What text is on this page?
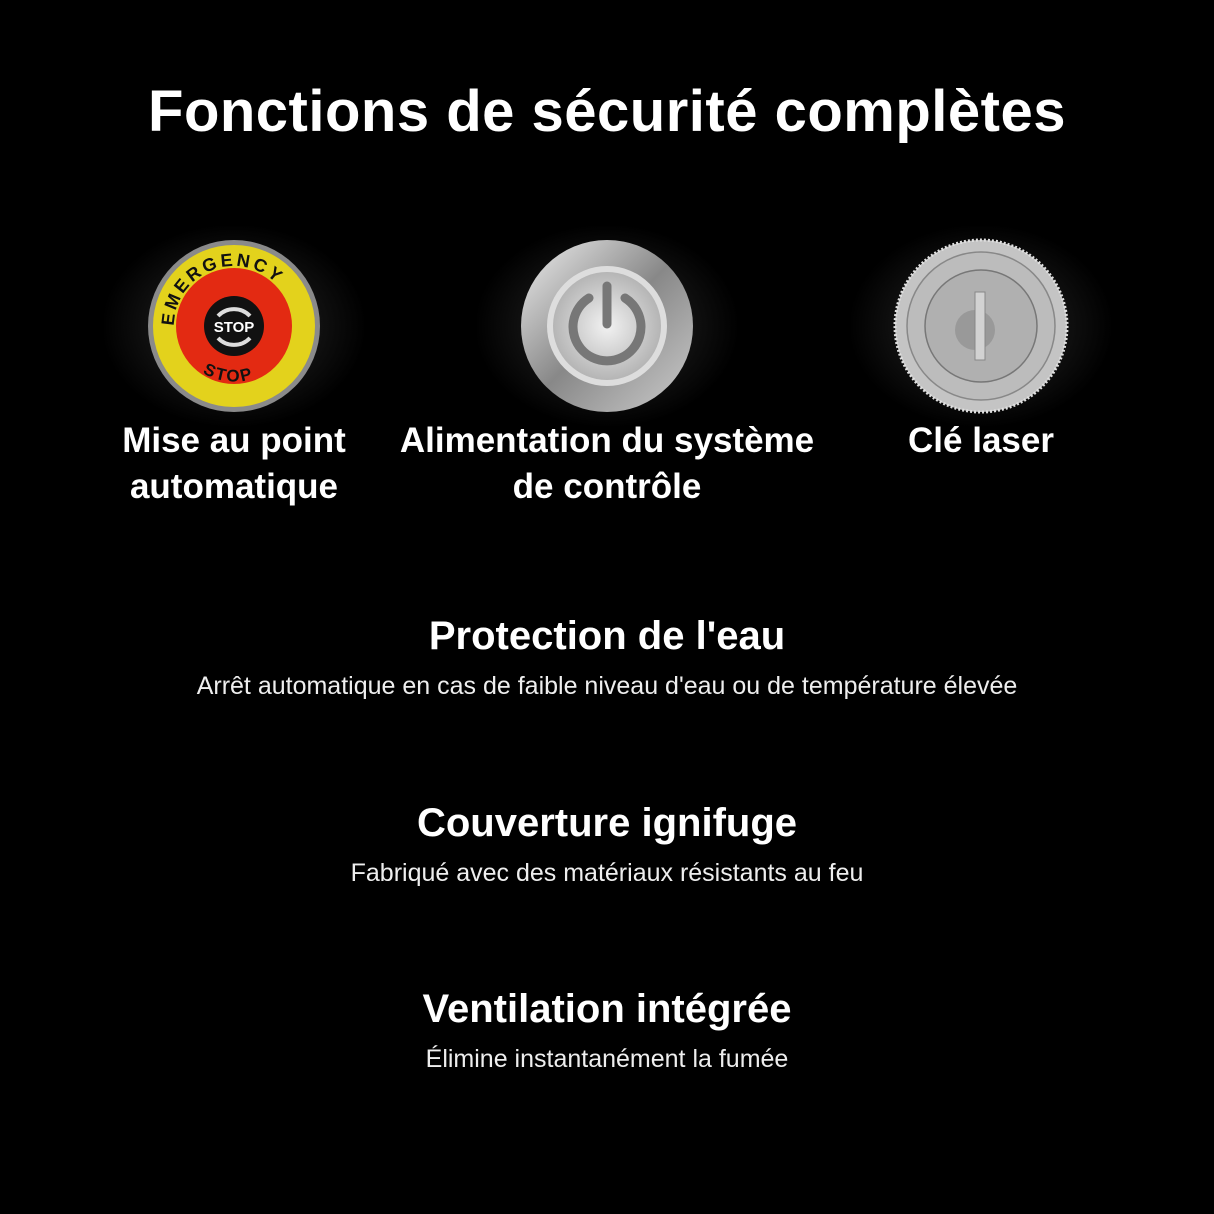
Fonctions de sécurité complètes
EMERGENCY
STOP
STOP
Mise au point
automatique
Alimentation du système
de contrôle
Clé laser
Protection de l'eau

Arrêt automatique en cas de faible niveau d'eau ou de température élevée

Couverture ignifuge

Fabriqué avec des matériaux résistants au feu

Ventilation intégrée

Élimine instantanément la fumée
